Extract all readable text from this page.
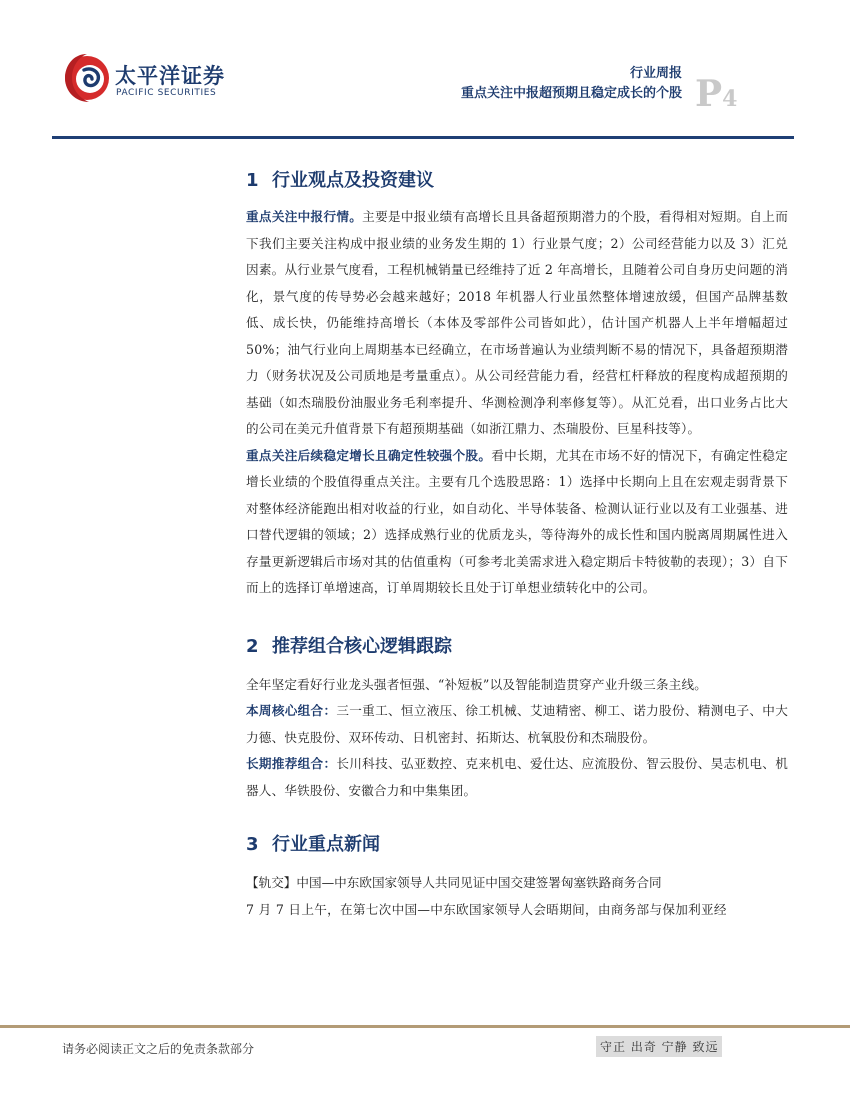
太平洋证券
PACIFIC SECURITIES
行业周报
重点关注中报超预期且稳定成长的个股 P4
1 行业观点及投资建议

重点关注中报行情。主要是中报业绩有高增长且具备超预期潜力的个股，看得相对短期。自上而下我们主要关注构成中报业绩的业务发生期的 1）行业景气度；2）公司经营能力以及 3）汇兑因素。从行业景气度看，工程机械销量已经维持了近 2 年高增长，且随着公司自身历史问题的消化，景气度的传导势必会越来越好；2018 年机器人行业虽然整体增速放缓，但国产品牌基数低、成长快，仍能维持高增长（本体及零部件公司皆如此），估计国产机器人上半年增幅超过 50%；油气行业向上周期基本已经确立，在市场普遍认为业绩判断不易的情况下，具备超预期潜力（财务状况及公司质地是考量重点）。从公司经营能力看，经营杠杆释放的程度构成超预期的基础（如杰瑞股份油服业务毛利率提升、华测检测净利率修复等）。从汇兑看，出口业务占比大的公司在美元升值背景下有超预期基础（如浙江鼎力、杰瑞股份、巨星科技等）。

重点关注后续稳定增长且确定性较强个股。看中长期，尤其在市场不好的情况下，有确定性稳定增长业绩的个股值得重点关注。主要有几个选股思路：1）选择中长期向上且在宏观走弱背景下对整体经济能跑出相对收益的行业，如自动化、半导体装备、检测认证行业以及有工业强基、进口替代逻辑的领域；2）选择成熟行业的优质龙头，等待海外的成长性和国内脱离周期属性进入存量更新逻辑后市场对其的估值重构（可参考北美需求进入稳定期后卡特彼勒的表现）；3）自下而上的选择订单增速高，订单周期较长且处于订单想业绩转化中的公司。

2 推荐组合核心逻辑跟踪

全年坚定看好行业龙头强者恒强、“补短板”以及智能制造贯穿产业升级三条主线。

本周核心组合：三一重工、恒立液压、徐工机械、艾迪精密、柳工、诺力股份、精测电子、中大力德、快克股份、双环传动、日机密封、拓斯达、杭氧股份和杰瑞股份。

长期推荐组合：长川科技、弘亚数控、克来机电、爱仕达、应流股份、智云股份、昊志机电、机器人、华铁股份、安徽合力和中集集团。

3 行业重点新闻

【轨交】中国—中东欧国家领导人共同见证中国交建签署匈塞铁路商务合同

7 月 7 日上午，在第七次中国—中东欧国家领导人会晤期间，由商务部与保加利亚经

请务必阅读正文之后的免责条款部分	守正 出奇 宁静 致远
